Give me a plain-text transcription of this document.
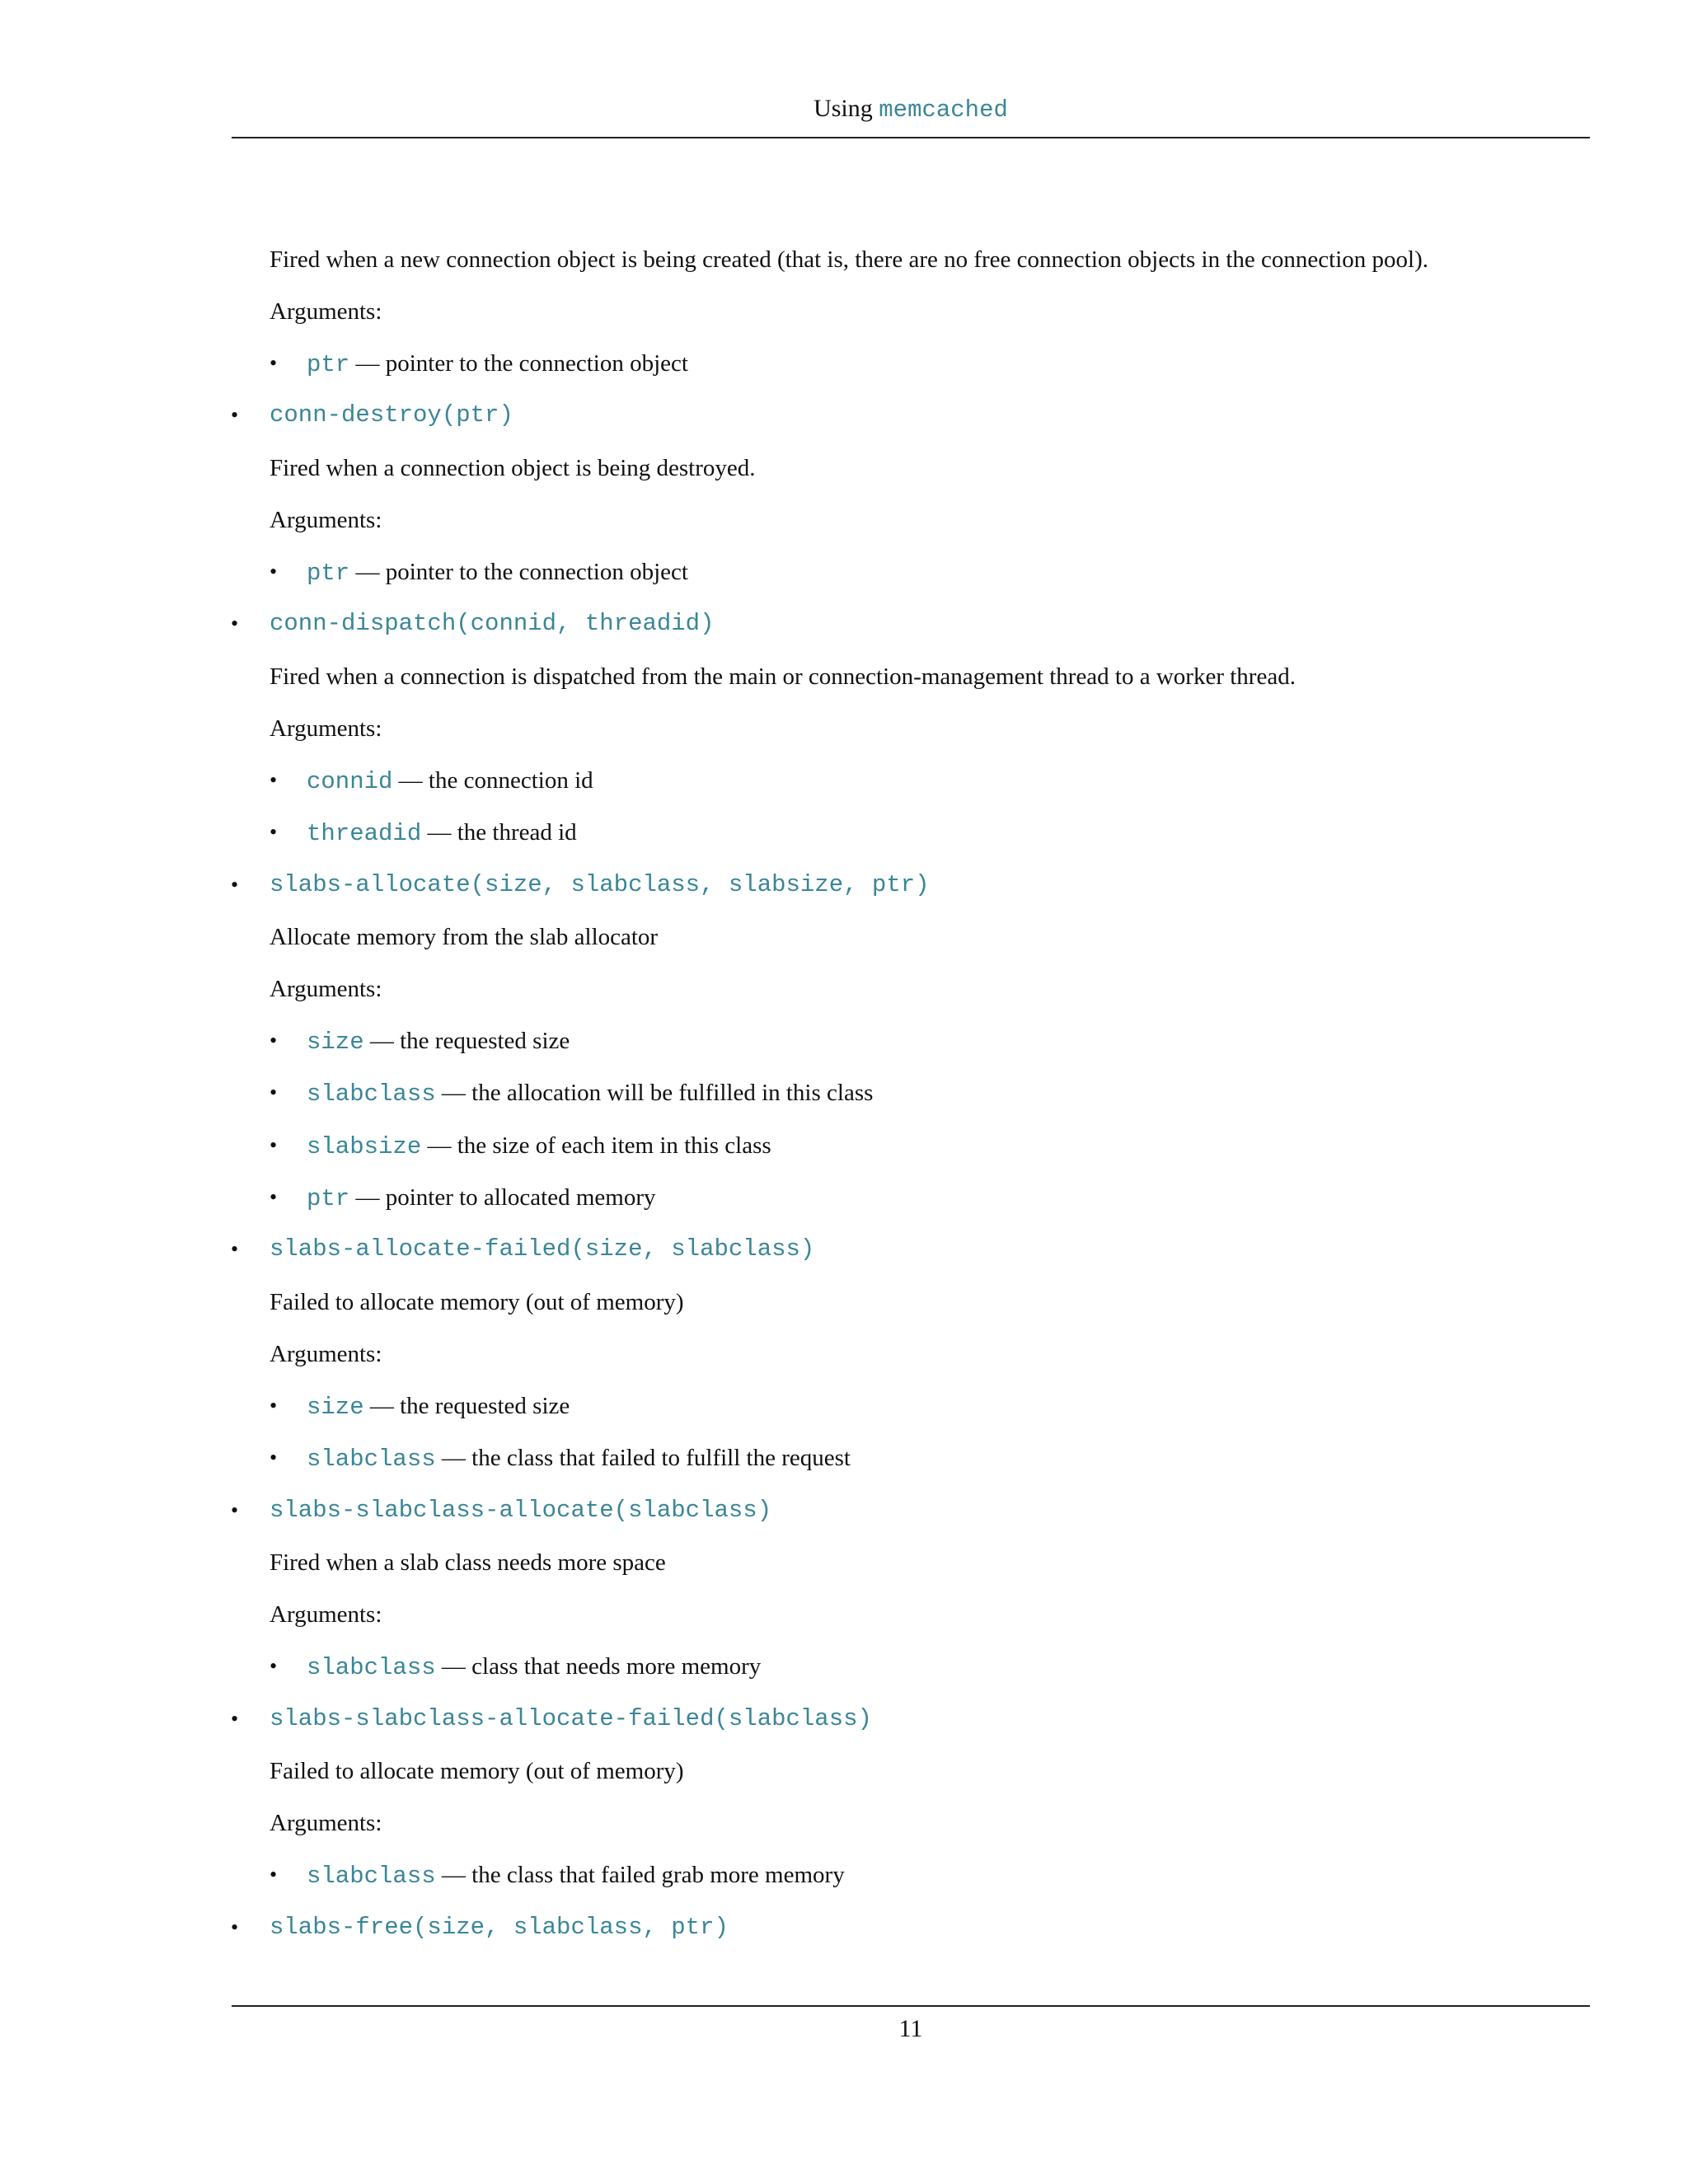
Using memcached
Fired when a new connection object is being created (that is, there are no free connection objects in the connection pool).
Arguments:
• ptr — pointer to the connection object
• conn-destroy(ptr)
Fired when a connection object is being destroyed.
Arguments:
• ptr — pointer to the connection object
• conn-dispatch(connid, threadid)
Fired when a connection is dispatched from the main or connection-management thread to a worker thread.
Arguments:
• connid — the connection id
• threadid — the thread id
• slabs-allocate(size, slabclass, slabsize, ptr)
Allocate memory from the slab allocator
Arguments:
• size — the requested size
• slabclass — the allocation will be fulfilled in this class
• slabsize — the size of each item in this class
• ptr — pointer to allocated memory
• slabs-allocate-failed(size, slabclass)
Failed to allocate memory (out of memory)
Arguments:
• size — the requested size
• slabclass — the class that failed to fulfill the request
• slabs-slabclass-allocate(slabclass)
Fired when a slab class needs more space
Arguments:
• slabclass — class that needs more memory
• slabs-slabclass-allocate-failed(slabclass)
Failed to allocate memory (out of memory)
Arguments:
• slabclass — the class that failed grab more memory
• slabs-free(size, slabclass, ptr)
11
